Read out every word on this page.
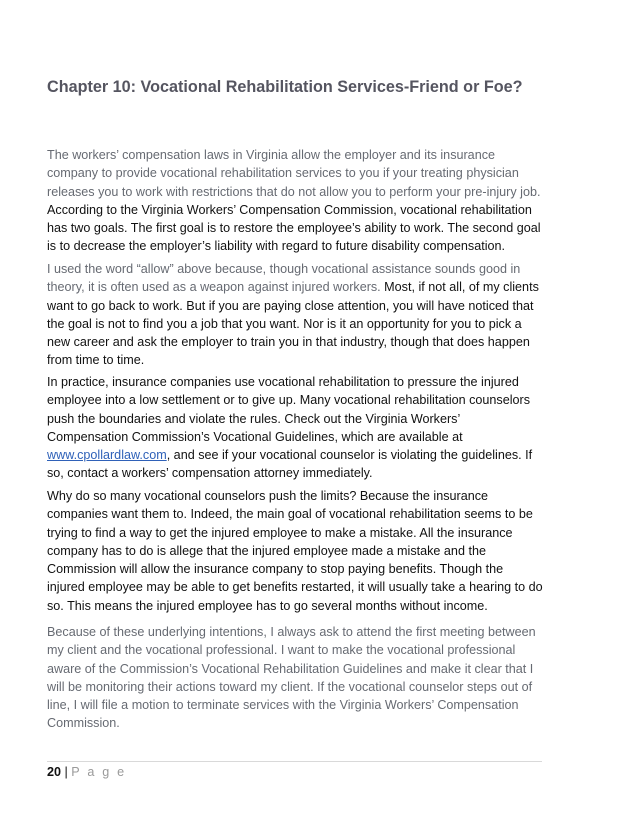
Chapter 10: Vocational Rehabilitation Services-Friend or Foe?
The workers’ compensation laws in Virginia allow the employer and its insurance
company to provide vocational rehabilitation services to you if your treating physician
releases you to work with restrictions that do not allow you to perform your pre-injury job.
According to the Virginia Workers’ Compensation Commission, vocational rehabilitation
has two goals. The first goal is to restore the employee’s ability to work. The second goal
is to decrease the employer’s liability with regard to future disability compensation.
I used the word “allow” above because, though vocational assistance sounds good in
theory, it is often used as a weapon against injured workers. Most, if not all, of my clients
want to go back to work. But if you are paying close attention, you will have noticed that
the goal is not to find you a job that you want. Nor is it an opportunity for you to pick a
new career and ask the employer to train you in that industry, though that does happen
from time to time.
In practice, insurance companies use vocational rehabilitation to pressure the injured
employee into a low settlement or to give up. Many vocational rehabilitation counselors
push the boundaries and violate the rules. Check out the Virginia Workers’
Compensation Commission’s Vocational Guidelines, which are available at
www.cpollardlaw.com, and see if your vocational counselor is violating the guidelines. If
so, contact a workers’ compensation attorney immediately.
Why do so many vocational counselors push the limits? Because the insurance
companies want them to. Indeed, the main goal of vocational rehabilitation seems to be
trying to find a way to get the injured employee to make a mistake. All the insurance
company has to do is allege that the injured employee made a mistake and the
Commission will allow the insurance company to stop paying benefits. Though the
injured employee may be able to get benefits restarted, it will usually take a hearing to do
so. This means the injured employee has to go several months without income.
Because of these underlying intentions, I always ask to attend the first meeting between
my client and the vocational professional. I want to make the vocational professional
aware of the Commission’s Vocational Rehabilitation Guidelines and make it clear that I
will be monitoring their actions toward my client. If the vocational counselor steps out of
line, I will file a motion to terminate services with the Virginia Workers’ Compensation
Commission.
20 | P a g e
